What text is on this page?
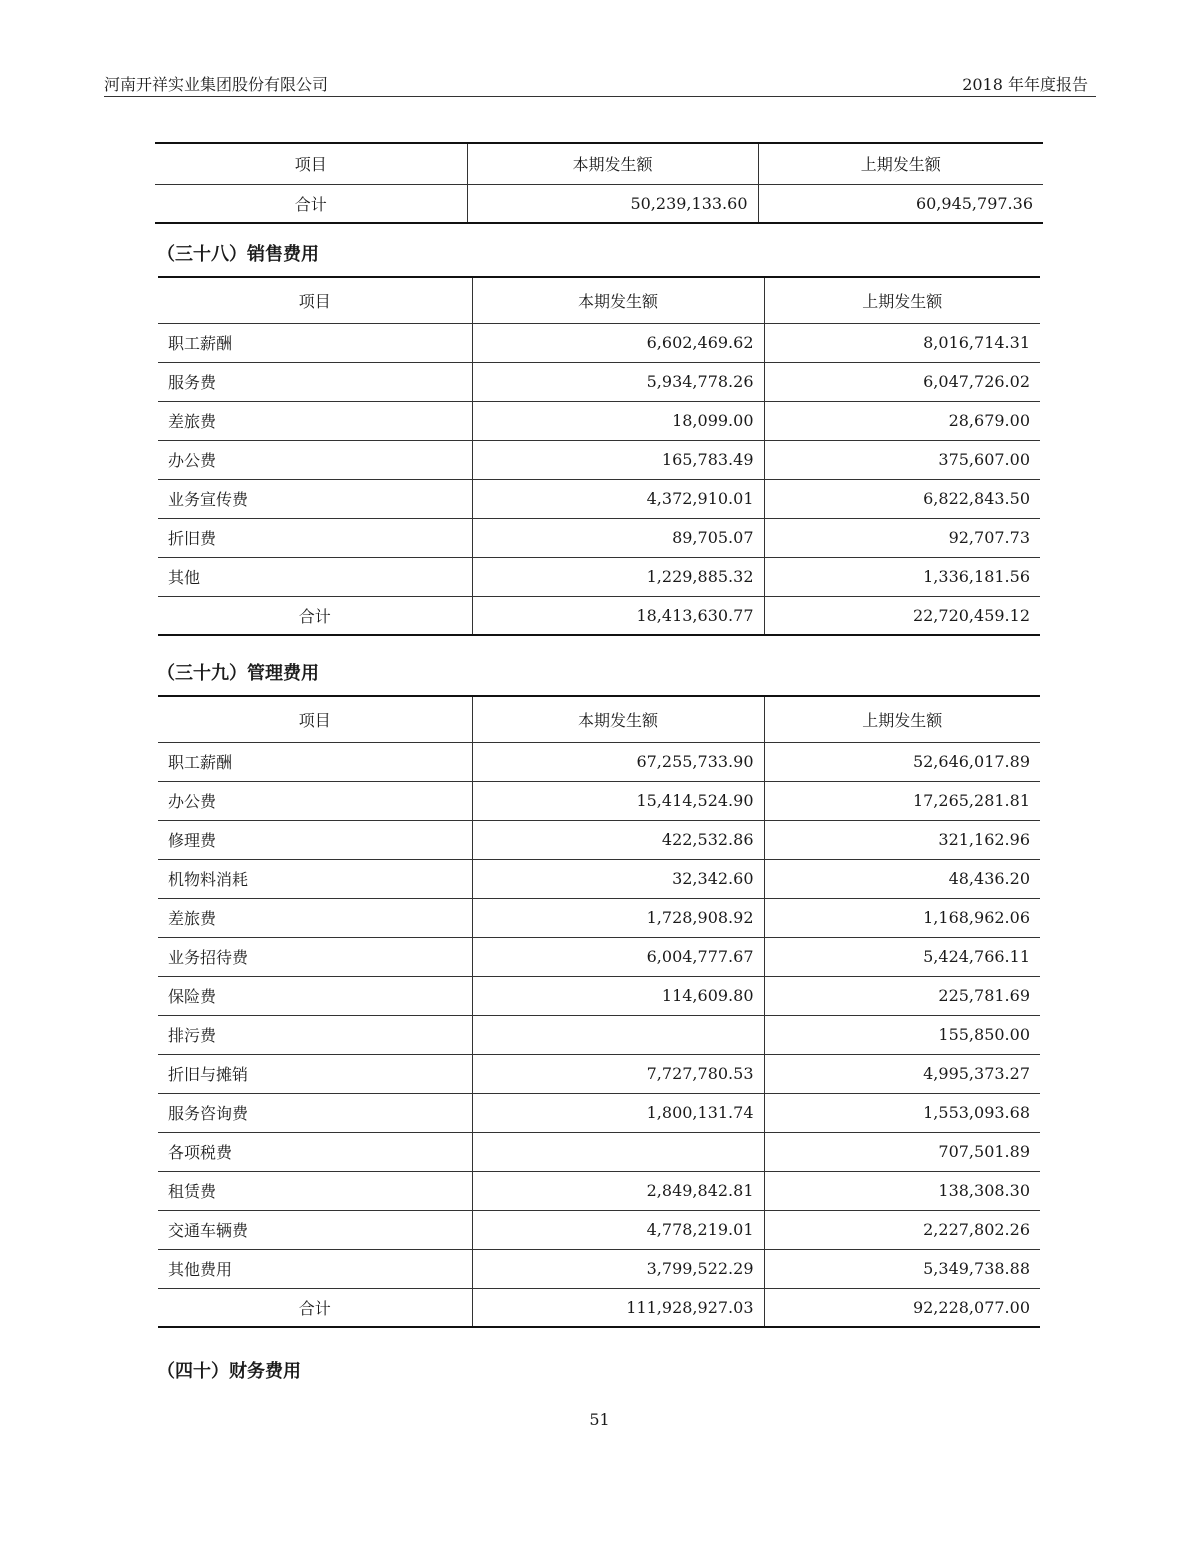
河南开祥实业集团股份有限公司	2018 年年度报告
项目	本期发生额	上期发生额
合计	50,239,133.60	60,945,797.36
（三十八）销售费用
项目	本期发生额	上期发生额
职工薪酬	6,602,469.62	8,016,714.31
服务费	5,934,778.26	6,047,726.02
差旅费	18,099.00	28,679.00
办公费	165,783.49	375,607.00
业务宣传费	4,372,910.01	6,822,843.50
折旧费	89,705.07	92,707.73
其他	1,229,885.32	1,336,181.56
合计	18,413,630.77	22,720,459.12
（三十九）管理费用
项目	本期发生额	上期发生额
职工薪酬	67,255,733.90	52,646,017.89
办公费	15,414,524.90	17,265,281.81
修理费	422,532.86	321,162.96
机物料消耗	32,342.60	48,436.20
差旅费	1,728,908.92	1,168,962.06
业务招待费	6,004,777.67	5,424,766.11
保险费	114,609.80	225,781.69
排污费		155,850.00
折旧与摊销	7,727,780.53	4,995,373.27
服务咨询费	1,800,131.74	1,553,093.68
各项税费		707,501.89
租赁费	2,849,842.81	138,308.30
交通车辆费	4,778,219.01	2,227,802.26
其他费用	3,799,522.29	5,349,738.88
合计	111,928,927.03	92,228,077.00
（四十）财务费用
51
